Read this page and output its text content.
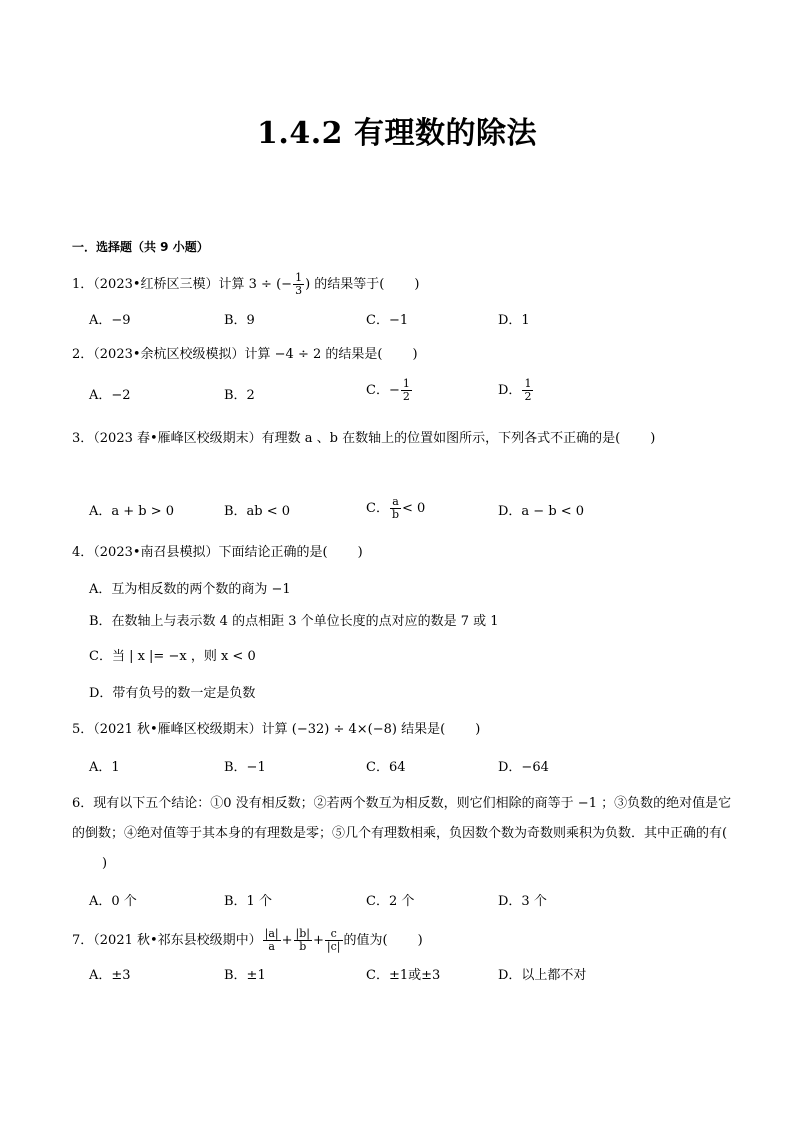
1.4.2 有理数的除法
一．选择题（共 9 小题）
1．（2023•红桥区三模）计算 3 ÷ (− $\frac{1}{3}$ ) 的结果等于( )
A．−9	B．9	C．−1	D．1
2．（2023•余杭区校级模拟）计算 −4 ÷ 2 的结果是( )
A．−2	B．2	C．− $\frac{1}{2}$	D． $\frac{1}{2}$
3．（2023 春•雁峰区校级期末）有理数 a 、b 在数轴上的位置如图所示，下列各式不正确的是( )
A．a + b > 0	B．ab < 0	C． $\frac{a}{b} < 0$	D．a − b < 0
4．（2023•南召县模拟）下面结论正确的是( )
A．互为相反数的两个数的商为 −1
B．在数轴上与表示数 4 的点相距 3 个单位长度的点对应的数是 7 或 1
C．当 | x |= −x ，则 x < 0
D．带有负号的数一定是负数
5．（2021 秋•雁峰区校级期末）计算 (−32) ÷ 4×(−8) 结果是( )
A．1	B．−1	C．64	D．−64
6．现有以下五个结论：①0 没有相反数；②若两个数互为相反数，则它们相除的商等于 −1 ；③负数的绝对值是它的倒数；④绝对值等于其本身的有理数是零；⑤几个有理数相乘，负因数个数为奇数则乘积为负数．其中正确的有()
A．0 个	B．1 个	C．2 个	D．3 个
7．（2021 秋•祁东县校级期中） $\frac{|a|}{a} + \frac{|b|}{b} + \frac{c}{|c|}$ 的值为( )
A．±3	B．±1	C．±1或±3	D．以上都不对
